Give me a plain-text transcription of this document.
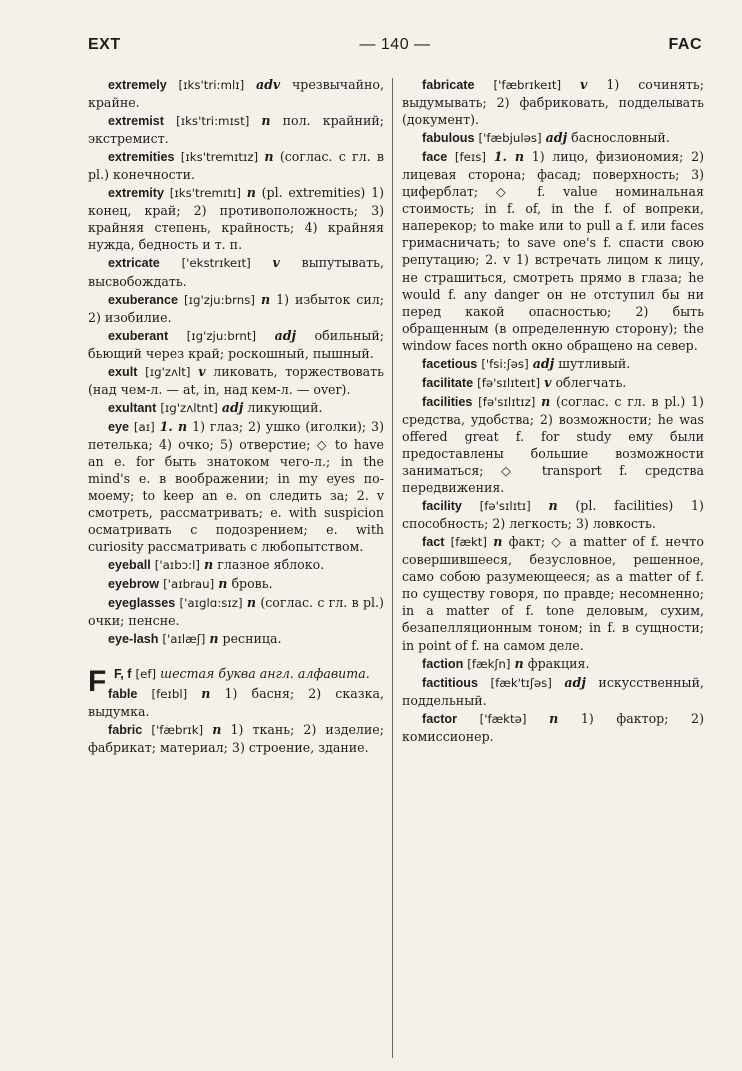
EXT	— 140 —	FAC

extremely [ɪks'tri:mlɪ] adv чрезвычайно, крайне.

extremist [ɪks'tri:mɪst] n пол. крайний; экстремист.

extremities [ɪks'tremɪtɪz] n (соглас. с гл. в pl.) конечности.

extremity [ɪks'tremɪtɪ] n (pl. extremities) 1) конец, край; 2) противоположность; 3) крайняя степень, крайность; 4) крайняя нужда, бедность и т. п.

extricate ['ekstrɪkeɪt] v выпутывать, высвобождать.

exuberance [ɪg'zju:brns] n 1) избыток сил; 2) изобилие.

exuberant [ɪg'zju:brnt] adj обильный; бьющий через край; роскошный, пышный.

exult [ɪg'zʌlt] v ликовать, торжествовать (над чем-л. — at, in, над кем-л. — over).

exultant [ɪg'zʌltnt] adj ликующий.

eye [aɪ] 1. n 1) глаз; 2) ушко (иголки); 3) петелька; 4) очко; 5) отверстие; ◇ to have an e. for быть знатоком чего-л.; in the mind's e. в воображении; in my eyes по-моему; to keep an e. on следить за; 2. v смотреть, рассматривать; e. with suspicion осматривать с подозрением; e. with curiosity рассматривать с любопытством.

eyeball ['aɪbɔ:l] n глазное яблоко.

eyebrow ['aɪbrau] n бровь.

eyeglasses ['aɪglɑ:sɪz] n (соглас. с гл. в pl.) очки; пенсне.

eye-lash ['aɪlæʃ] n ресница.

F F, f [ef] шестая буква англ. алфавита.

fable [feɪbl] n 1) басня; 2) сказка, выдумка.

fabric ['fæbrɪk] n 1) ткань; 2) изделие; фабрикат; материал; 3) строение, здание.

fabricate ['fæbrɪkeɪt] v 1) сочинять; выдумывать; 2) фабриковать, подделывать (документ).

fabulous ['fæbjuləs] adj баснословный.

face [feɪs] 1. n 1) лицо, физиономия; 2) лицевая сторона; фасад; поверхность; 3) циферблат; ◇ f. value номинальная стоимость; in f. of, in the f. of вопреки, наперекор; to make или to pull a f. или faces гримасничать; to save one's f. спасти свою репутацию; 2. v 1) встречать лицом к лицу, не страшиться, смотреть прямо в глаза; he would f. any danger он не отступил бы ни перед какой опасностью; 2) быть обращенным (в определенную сторону); the window faces north окно обращено на север.

facetious ['fsi:ʃəs] adj шутливый.

facilitate [fə'sɪlɪteɪt] v облегчать.

facilities [fə'sɪlɪtɪz] n (соглас. с гл. в pl.) 1) средства, удобства; 2) возможности; he was offered great f. for study ему были предоставлены большие возможности заниматься; ◇ transport f. средства передвижения.

facility [fə'sɪlɪtɪ] n (pl. facilities) 1) способность; 2) легкость; 3) ловкость.

fact [fækt] n факт; ◇ a matter of f. нечто совершившееся, безусловное, решенное, само собою разумеющееся; as a matter of f. по существу говоря, по правде; несомненно; in a matter of f. tone деловым, сухим, безапелляционным тоном; in f. в сущности; in point of f. на самом деле.

faction [fækʃn] n фракция.

factitious [fæk'tɪʃəs] adj искусственный, поддельный.

factor ['fæktə] n 1) фактор; 2) комиссионер.
